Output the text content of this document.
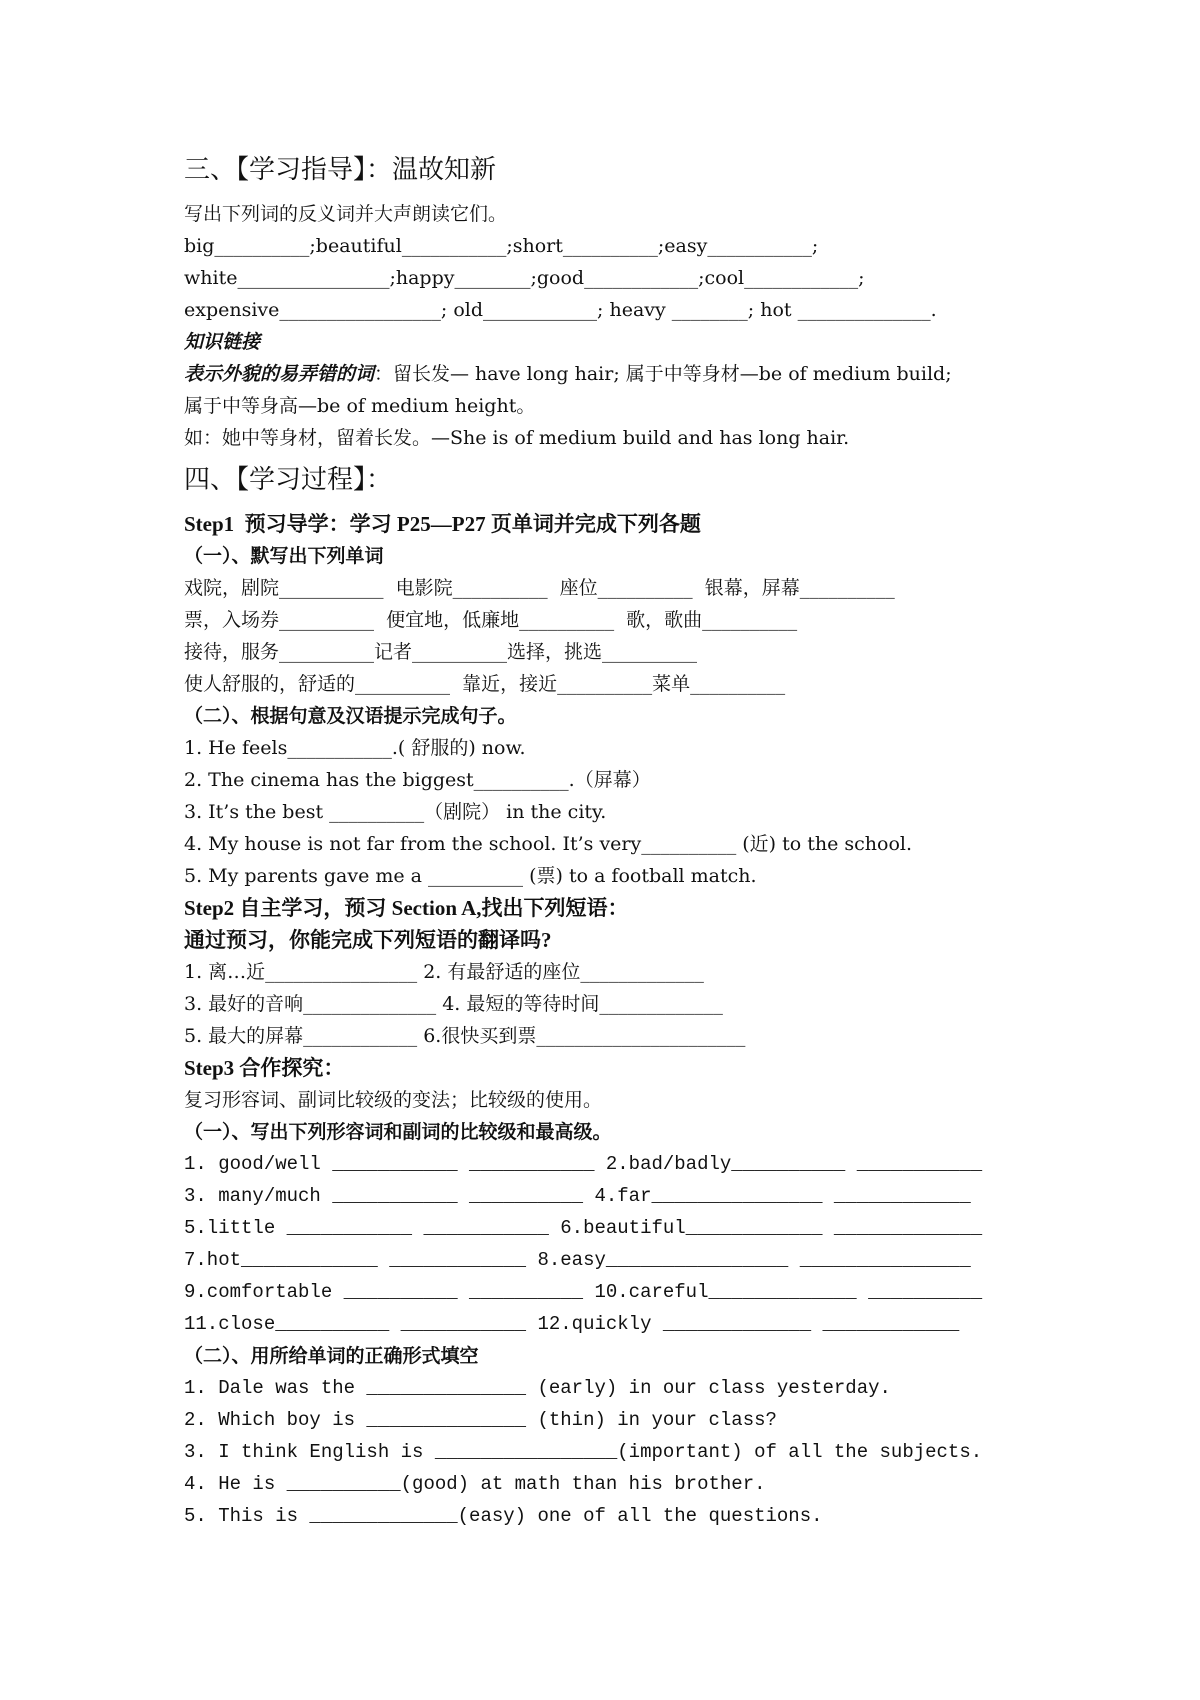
三、【学习指导】：温故知新
写出下列词的反义词并大声朗读它们。
big__________;beautiful___________;short__________;easy___________;
white________________;happy________;good____________;cool____________;
expensive_________________; old____________; heavy ________; hot ______________.
知识链接
表示外貌的易弄错的词：留长发— have long hair; 属于中等身材—be of medium build;
属于中等身高—be of medium height。
如：她中等身材，留着长发。—She is of medium build and has long hair.
四、【学习过程】：
Step1  预习导学：学习 P25—P27 页单词并完成下列各题
（一）、默写出下列单词
戏院，剧院___________  电影院__________  座位__________  银幕，屏幕__________
票，入场券__________  便宜地，低廉地__________  歌，歌曲__________
接待，服务__________记者__________选择，挑选__________
使人舒服的，舒适的__________  靠近，接近__________菜单__________
（二）、根据句意及汉语提示完成句子。
1. He feels___________.( 舒服的) now.
2. The cinema has the biggest__________.（屏幕）
3. It’s the best __________（剧院） in the city.
4. My house is not far from the school. It’s very__________ (近) to the school.
5. My parents gave me a __________ (票) to a football match.
Step2 自主学习，预习 Section A,找出下列短语：
通过预习，你能完成下列短语的翻译吗?
1. 离…近________________ 2. 有最舒适的座位_____________
3. 最好的音响______________ 4. 最短的等待时间_____________
5. 最大的屏幕____________ 6.很快买到票______________________
Step3 合作探究：
复习形容词、副词比较级的变法；比较级的使用。
（一）、写出下列形容词和副词的比较级和最高级。
1. good/well ___________ ___________ 2.bad/badly__________ ___________
3. many/much ___________ __________ 4.far_______________ ____________
5.little ___________ ___________ 6.beautiful____________ _____________
7.hot____________ ____________ 8.easy________________ _______________
9.comfortable __________ __________ 10.careful_____________ __________
11.close__________ ___________ 12.quickly _____________ ____________
（二）、用所给单词的正确形式填空
1. Dale was the ______________ (early) in our class yesterday.
2. Which boy is ______________ (thin) in your class?
3. I think English is ________________(important) of all the subjects.
4. He is __________(good) at math than his brother.
5. This is _____________(easy) one of all the questions.
